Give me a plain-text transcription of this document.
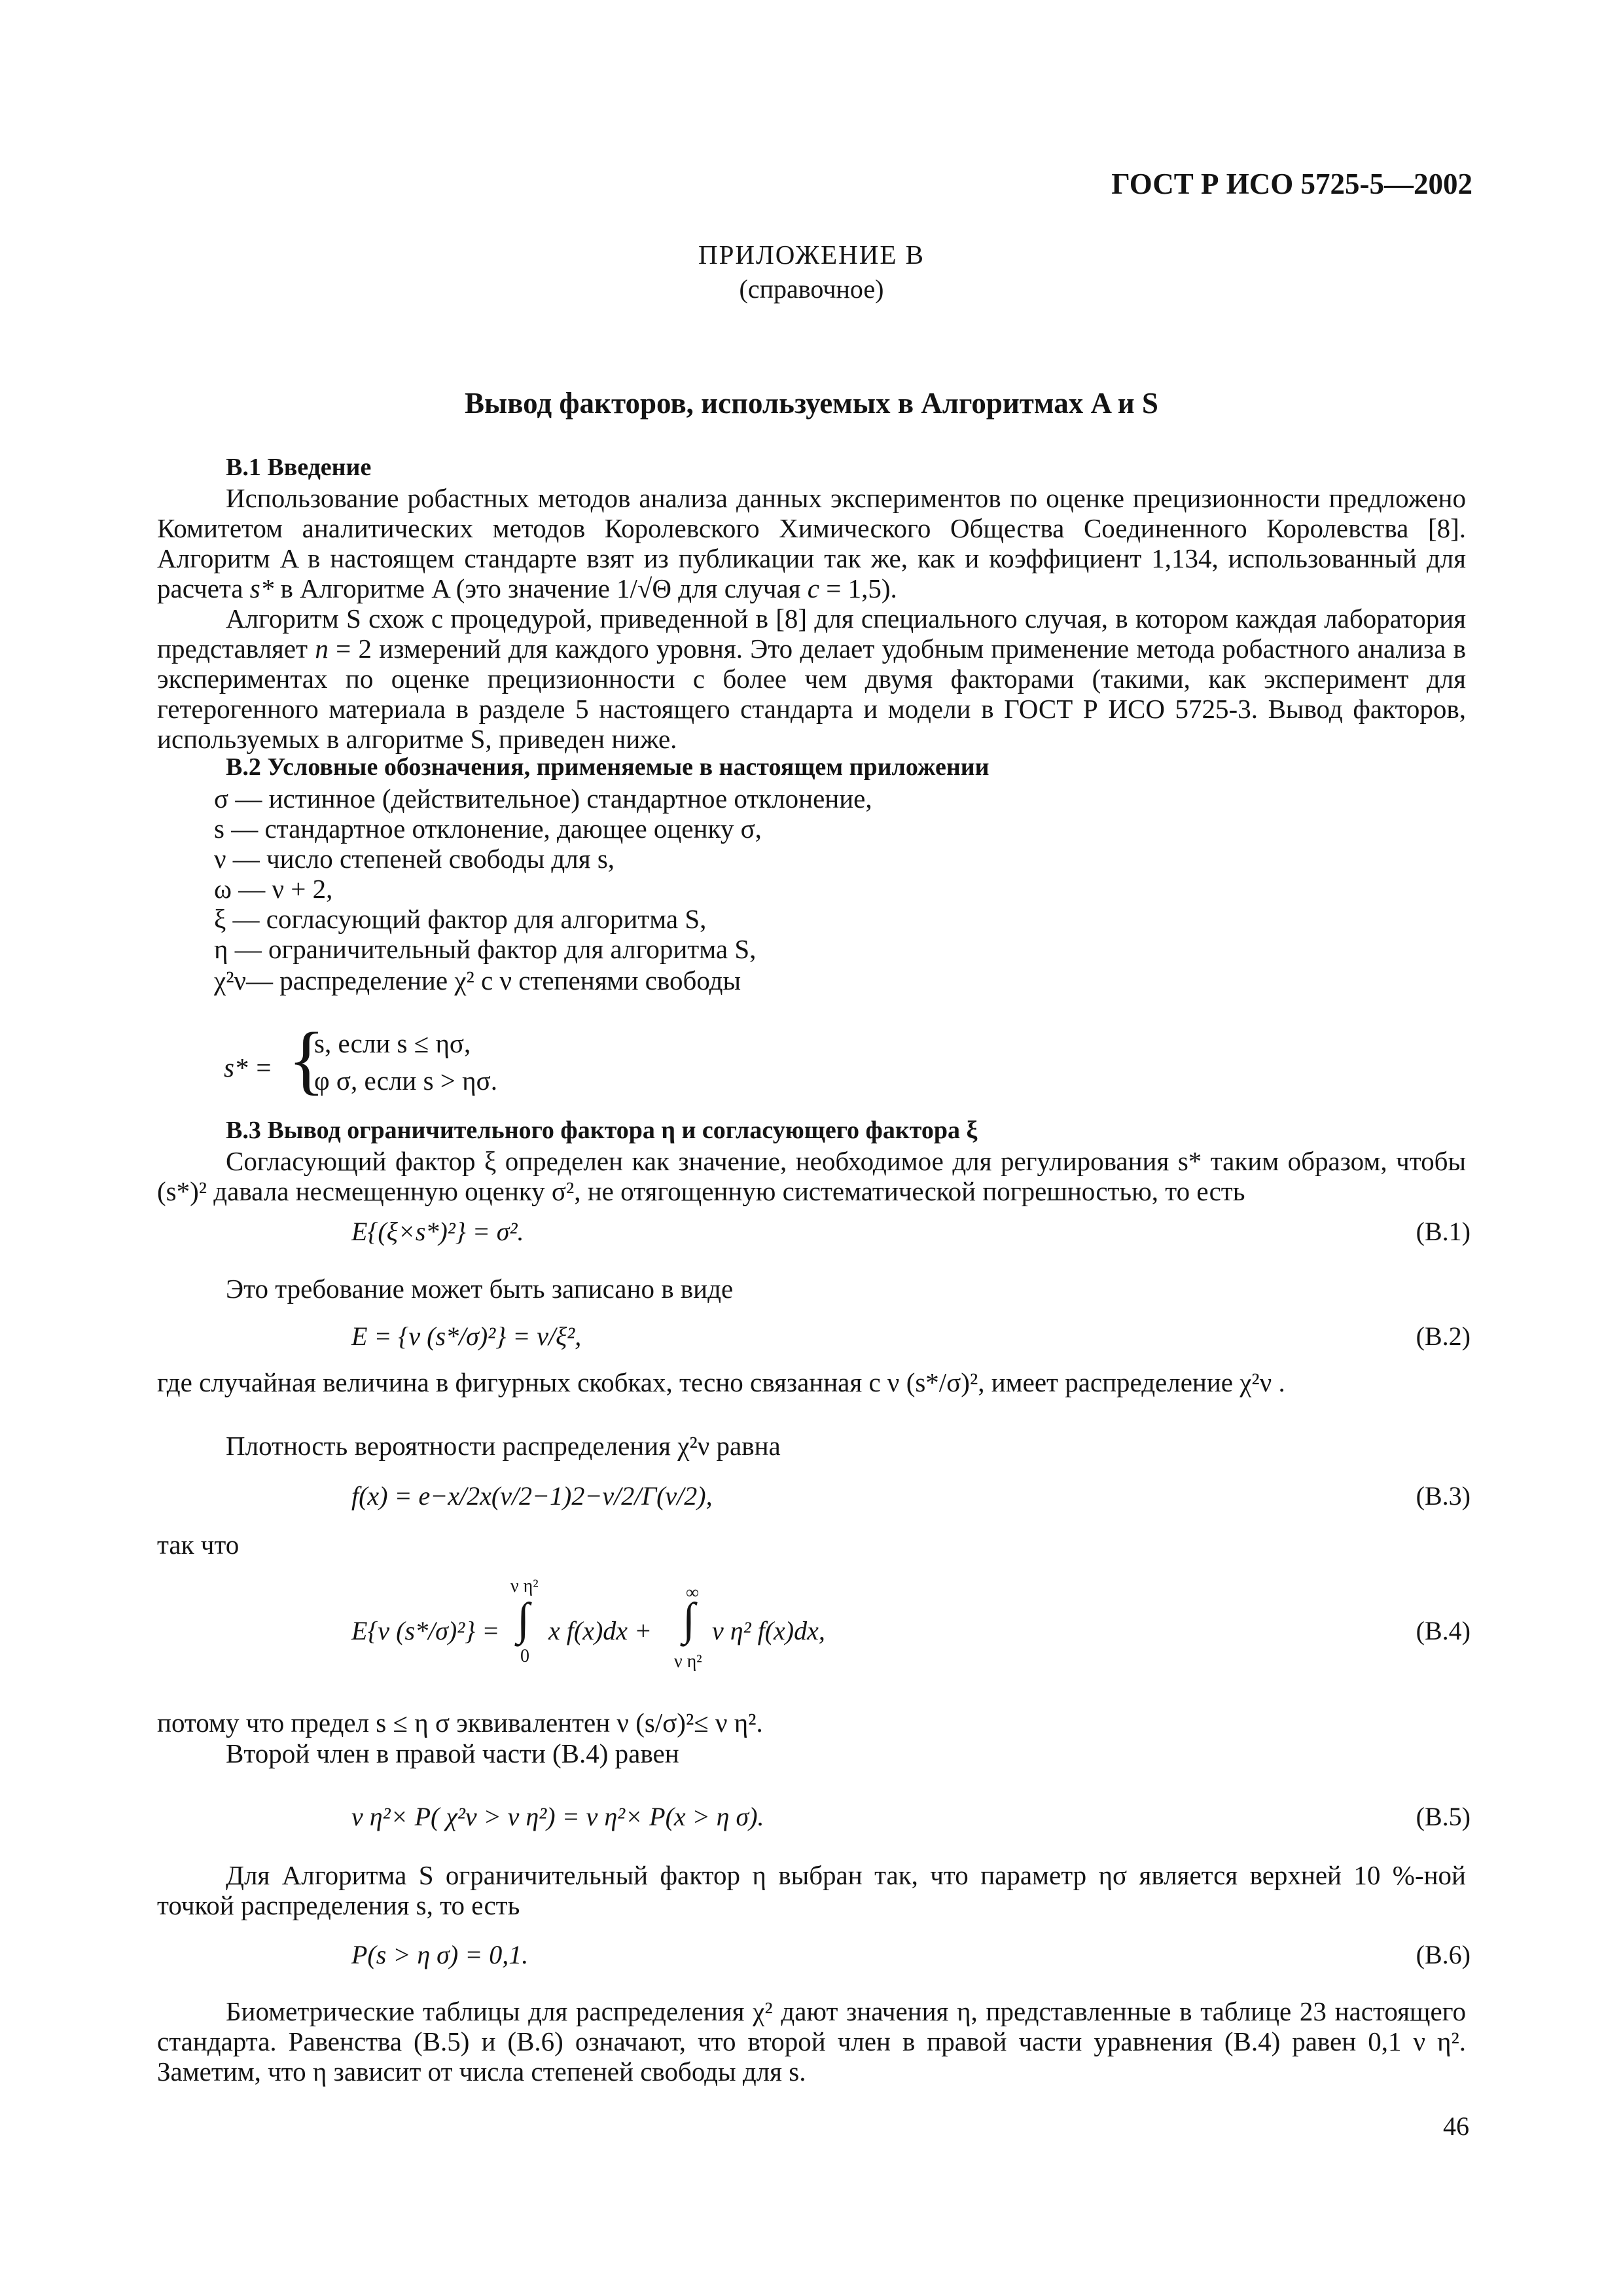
ГОСТ Р ИСО 5725-5—2002
ПРИЛОЖЕНИЕ B
(справочное)
Вывод факторов, используемых в Алгоритмах A и S
B.1 Введение
Использование робастных методов анализа данных экспериментов по оценке прецизионности предложено Комитетом аналитических методов Королевского Химического Общества Соединенного Королевства [8]. Алгоритм A в настоящем стандарте взят из публикации так же, как и коэффициент 1,134, использованный для расчета s* в Алгоритме A (это значение 1/√Θ для случая c = 1,5).
Алгоритм S схож с процедурой, приведенной в [8] для специального случая, в котором каждая лаборатория представляет n = 2 измерений для каждого уровня. Это делает удобным применение метода робастного анализа в экспериментах по оценке прецизионности с более чем двумя факторами (такими, как эксперимент для гетерогенного материала в разделе 5 настоящего стандарта и модели в ГОСТ Р ИСО 5725-3. Вывод факторов, используемых в алгоритме S, приведен ниже.
B.2 Условные обозначения, применяемые в настоящем приложении
σ — истинное (действительное) стандартное отклонение,
s — стандартное отклонение, дающее оценку σ,
ν — число степеней свободы для s,
ω — ν + 2,
ξ — согласующий фактор для алгоритма S,
η — ограничительный фактор для алгоритма S,
χ²ν— распределение χ² с ν степенями свободы
s* = {
s, если s ≤ ησ,
φ σ, если s > ησ.
B.3 Вывод ограничительного фактора η и согласующего фактора ξ
Согласующий фактор ξ определен как значение, необходимое для регулирования s* таким образом, чтобы (s*)² давала несмещенную оценку σ², не отягощенную систематической погрешностью, то есть
E{(ξ×s*)²} = σ².	(B.1)
Это требование может быть записано в виде
E = {ν (s*/σ)²} = ν/ξ²,	(B.2)
где случайная величина в фигурных скобках, тесно связанная с ν (s*/σ)², имеет распределение χ²ν .
Плотность вероятности распределения χ²ν равна
f(x) = e−x/2x(ν/2−1)2−ν/2/Γ(ν/2),	(B.3)
так что
E{ν (s*/σ)²} =
ν η²
∫
0
x f(x)dx +
∞
∫
ν η²
ν η² f(x)dx,	(B.4)
потому что предел s ≤ η σ эквивалентен ν (s/σ)²≤ ν η².
Второй член в правой части (B.4) равен
ν η²× P( χ²ν > ν η²) = ν η²× P(x > η σ).	(B.5)
Для Алгоритма S ограничительный фактор η выбран так, что параметр ησ является верхней 10 %-ной точкой распределения s, то есть
P(s > η σ) = 0,1.	(B.6)
Биометрические таблицы для распределения χ² дают значения η, представленные в таблице 23 настоящего стандарта. Равенства (B.5) и (B.6) означают, что второй член в правой части уравнения (B.4) равен 0,1 ν η². Заметим, что η зависит от числа степеней свободы для s.
46
